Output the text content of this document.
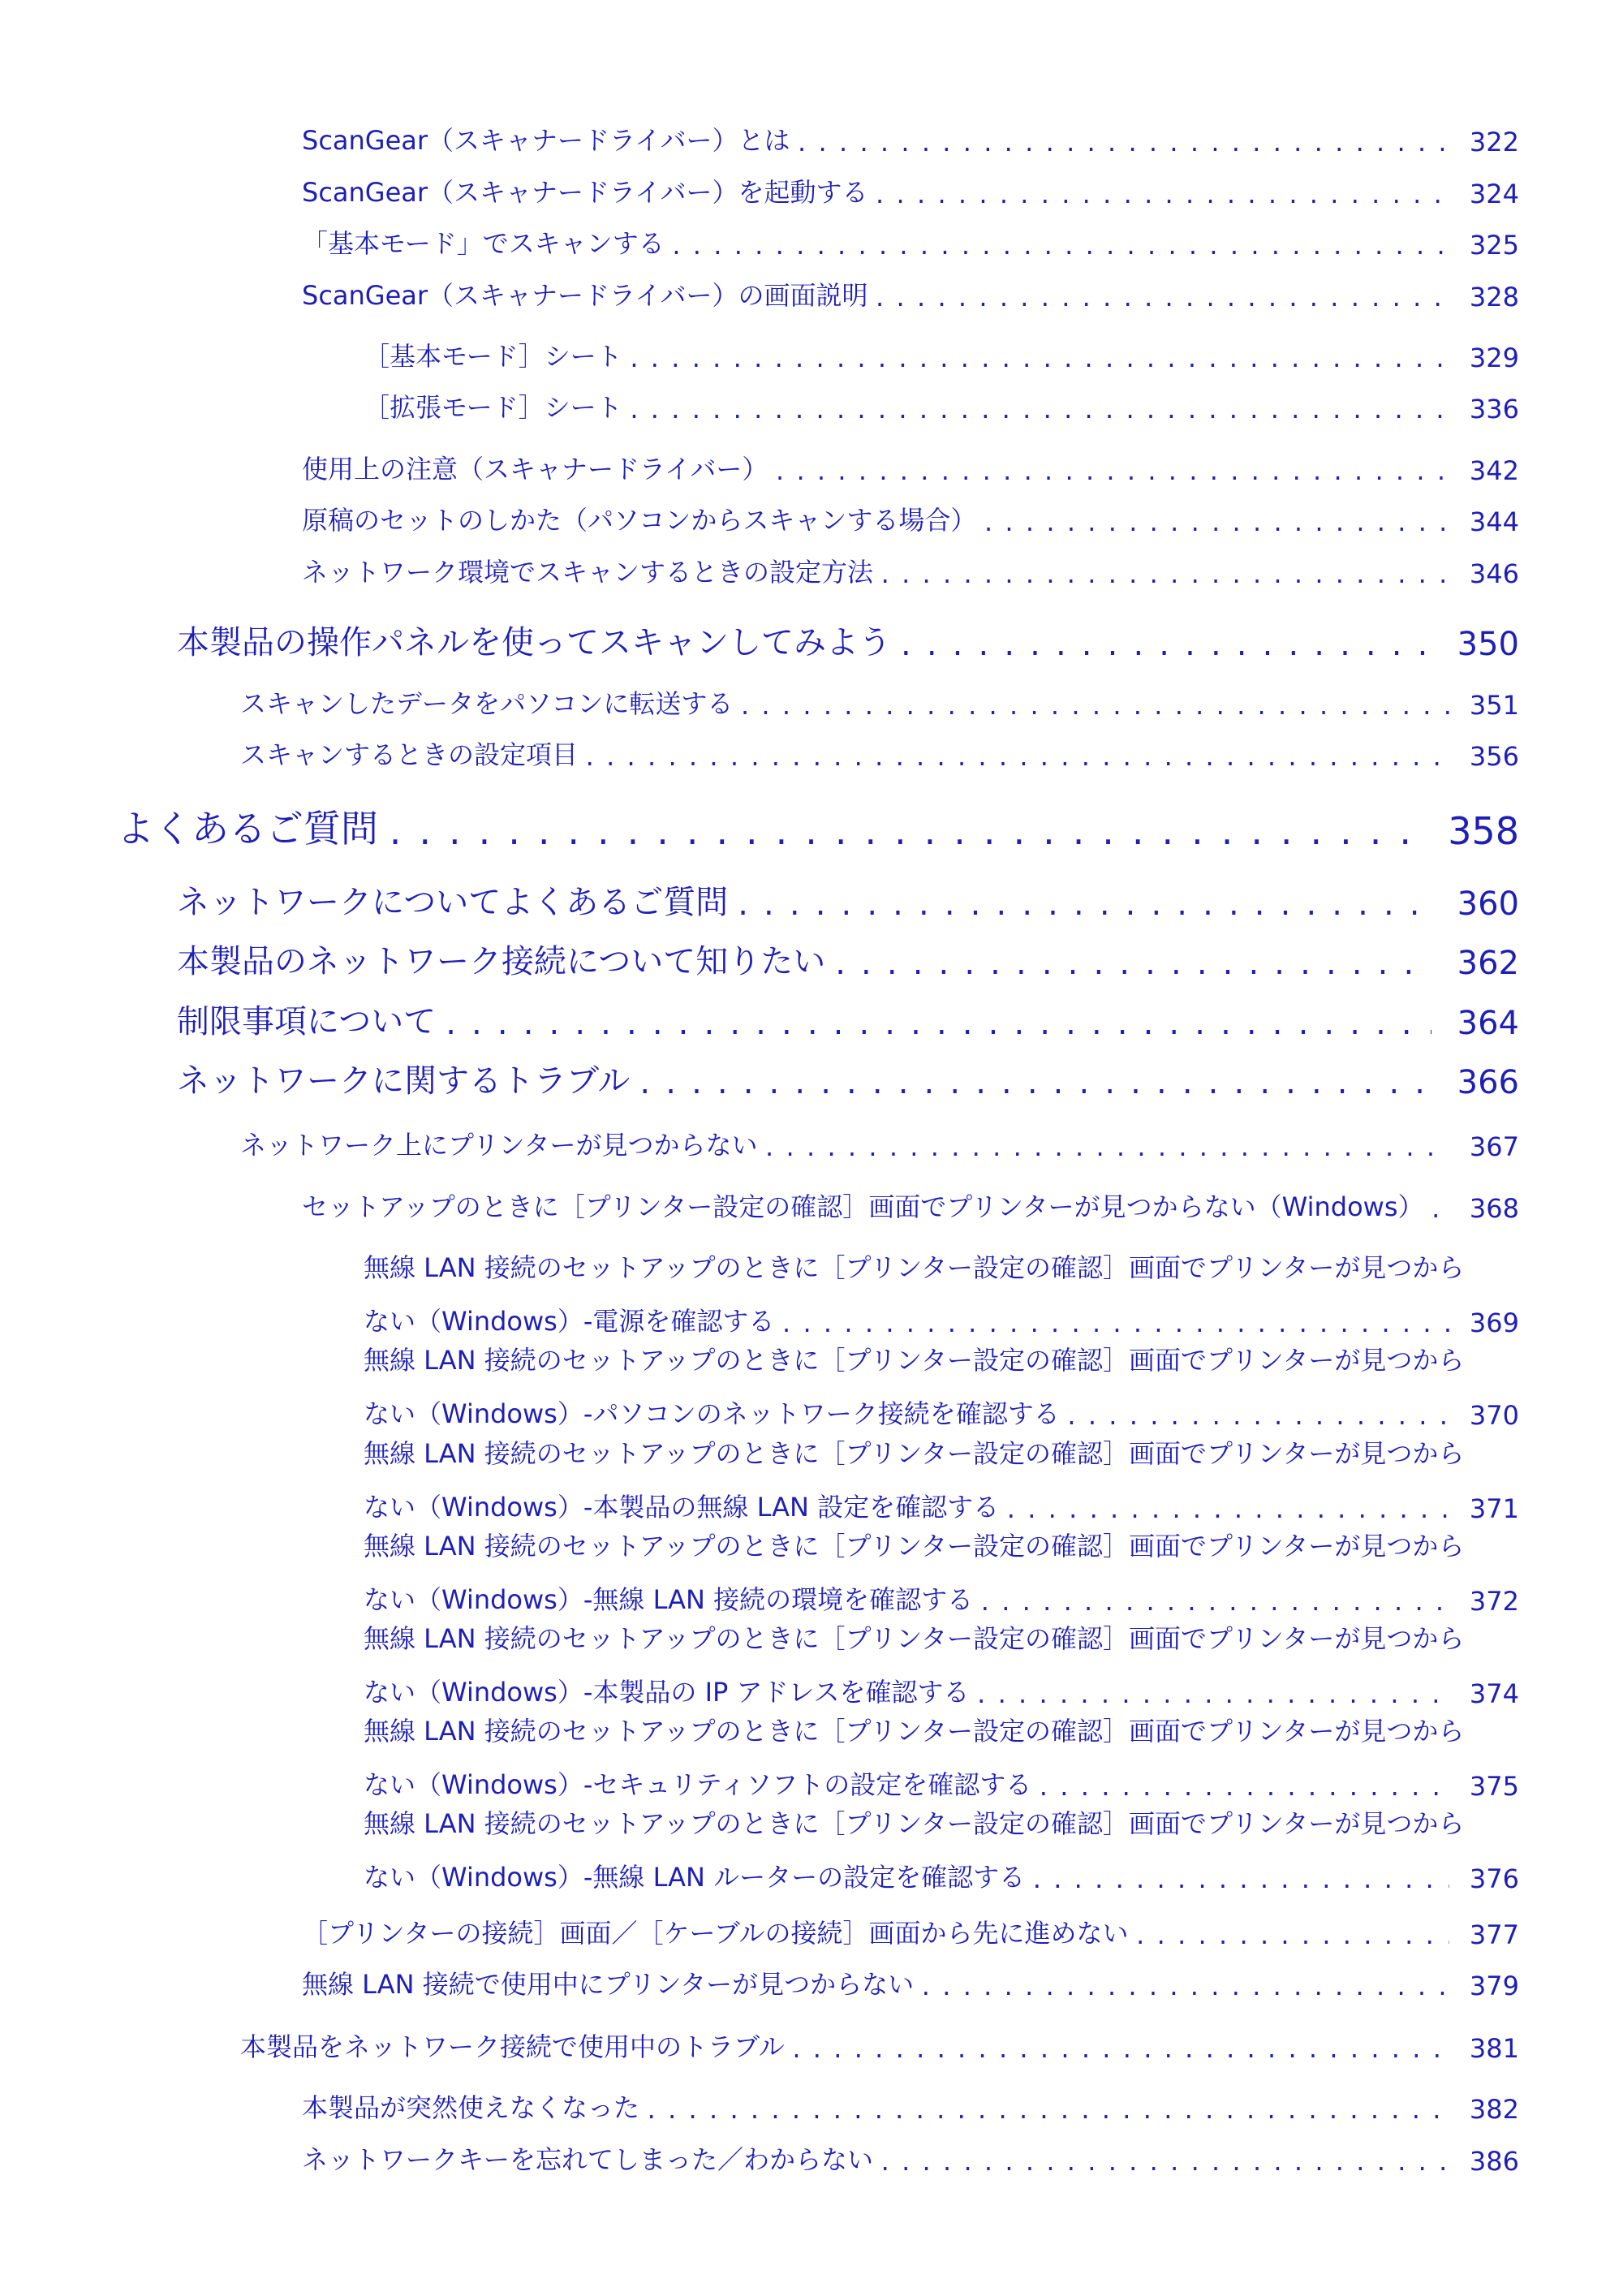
ScanGear（スキャナードライバー）とは . . .	322
ScanGear（スキャナードライバー）を起動する . . .	324
「基本モード」でスキャンする . . .	325
ScanGear（スキャナードライバー）の画面説明 . . .	328
［基本モード］シート . . .	329
［拡張モード］シート . . .	336
使用上の注意（スキャナードライバー） . . .	342
原稿のセットのしかた（パソコンからスキャンする場合） . . .	344
ネットワーク環境でスキャンするときの設定方法 . . .	346
本製品の操作パネルを使ってスキャンしてみよう . . .	350
スキャンしたデータをパソコンに転送する . . .	351
スキャンするときの設定項目 . . .	356
よくあるご質問 . . .	358
ネットワークについてよくあるご質問 . . .	360
本製品のネットワーク接続について知りたい . . .	362
制限事項について . . .	364
ネットワークに関するトラブル . . .	366
ネットワーク上にプリンターが見つからない . . .	367
セットアップのときに［プリンター設定の確認］画面でプリンターが見つからない（Windows） . . .	368
無線 LAN 接続のセットアップのときに［プリンター設定の確認］画面でプリンターが見つから
ない（Windows）-電源を確認する . . .	369
無線 LAN 接続のセットアップのときに［プリンター設定の確認］画面でプリンターが見つから
ない（Windows）-パソコンのネットワーク接続を確認する . . .	370
無線 LAN 接続のセットアップのときに［プリンター設定の確認］画面でプリンターが見つから
ない（Windows）-本製品の無線 LAN 設定を確認する . . .	371
無線 LAN 接続のセットアップのときに［プリンター設定の確認］画面でプリンターが見つから
ない（Windows）-無線 LAN 接続の環境を確認する . . .	372
無線 LAN 接続のセットアップのときに［プリンター設定の確認］画面でプリンターが見つから
ない（Windows）-本製品の IP アドレスを確認する . . .	374
無線 LAN 接続のセットアップのときに［プリンター設定の確認］画面でプリンターが見つから
ない（Windows）-セキュリティソフトの設定を確認する . . .	375
無線 LAN 接続のセットアップのときに［プリンター設定の確認］画面でプリンターが見つから
ない（Windows）-無線 LAN ルーターの設定を確認する . . .	376
［プリンターの接続］画面／［ケーブルの接続］画面から先に進めない . . .	377
無線 LAN 接続で使用中にプリンターが見つからない . . .	379
本製品をネットワーク接続で使用中のトラブル . . .	381
本製品が突然使えなくなった . . .	382
ネットワークキーを忘れてしまった／わからない . . .	386
